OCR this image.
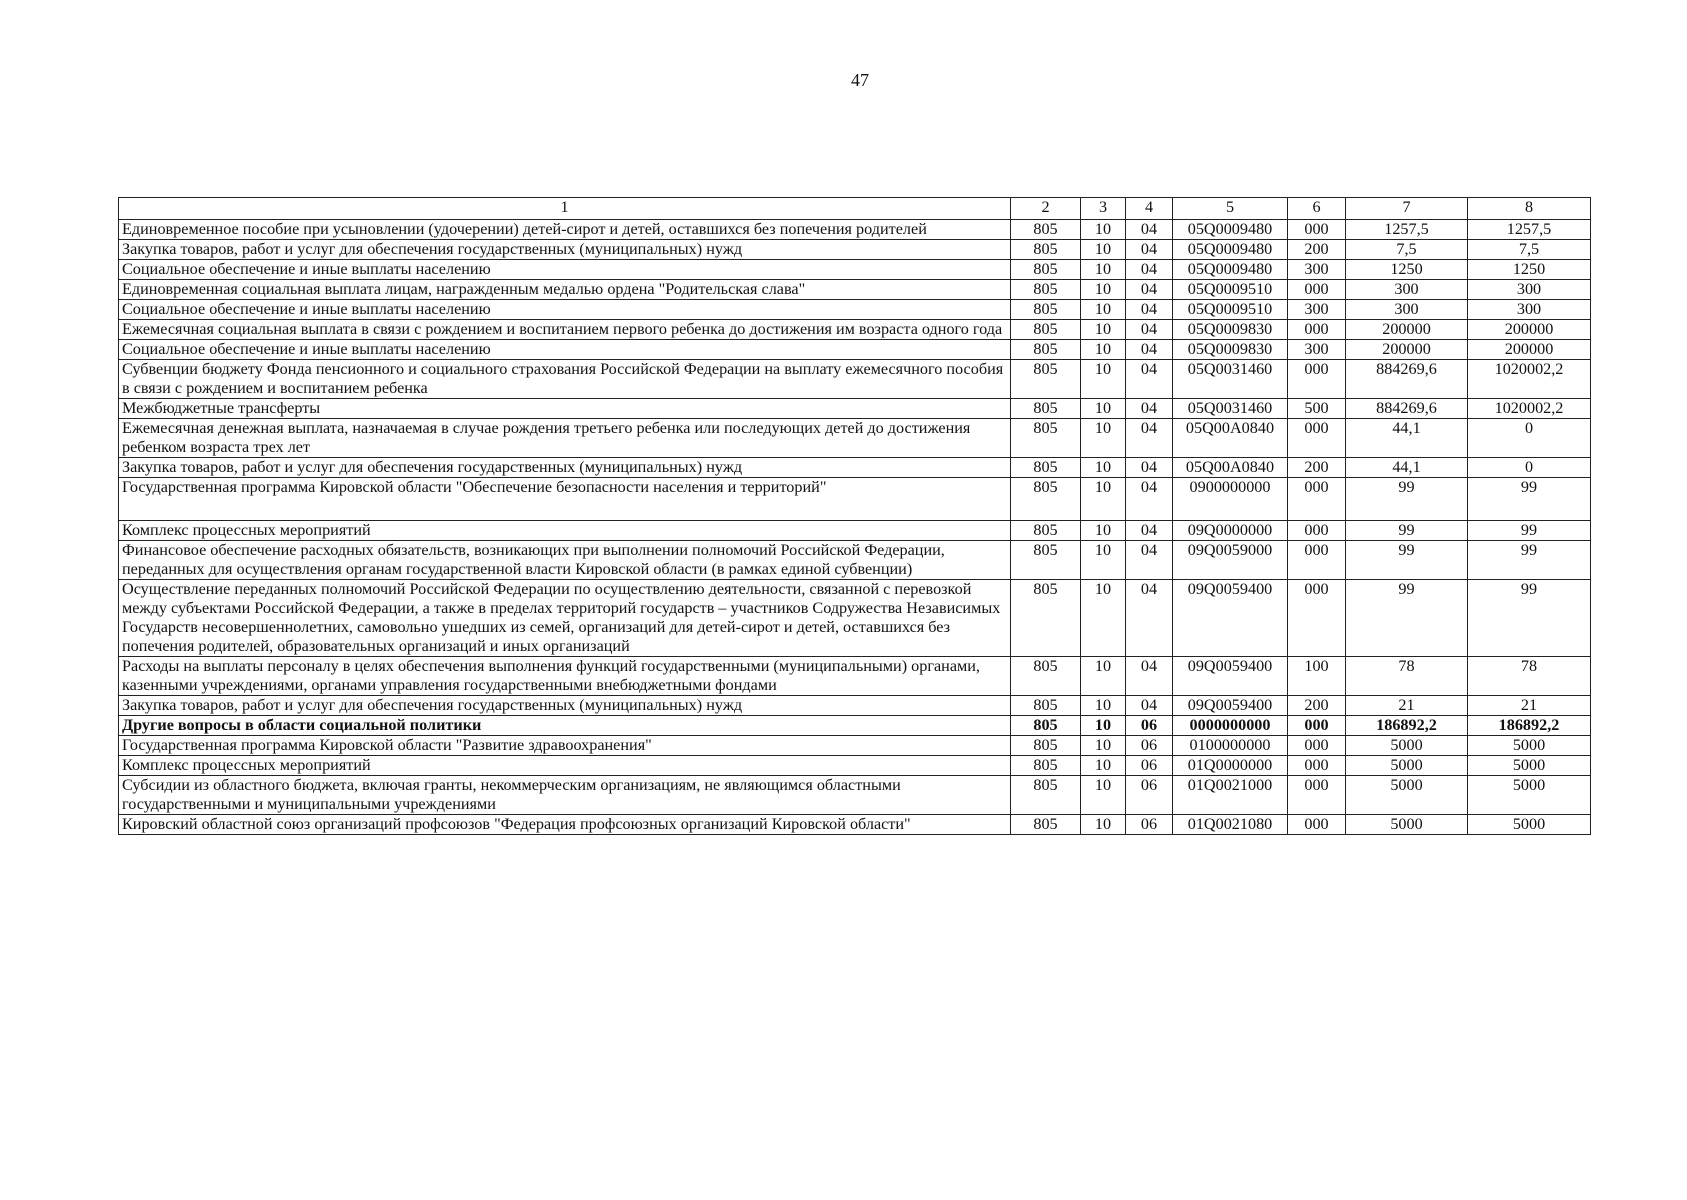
47
1	2	3	4	5	6	7	8
Единовременное пособие при усыновлении (удочерении) детей-сирот и детей, оставшихся без попечения родителей	805	10	04	05Q0009480	000	1257,5	1257,5
Закупка товаров, работ и услуг для обеспечения государственных (муниципальных) нужд	805	10	04	05Q0009480	200	7,5	7,5
Социальное обеспечение и иные выплаты населению	805	10	04	05Q0009480	300	1250	1250
Единовременная социальная выплата лицам, награжденным медалью ордена "Родительская слава"	805	10	04	05Q0009510	000	300	300
Социальное обеспечение и иные выплаты населению	805	10	04	05Q0009510	300	300	300
Ежемесячная социальная выплата в связи с рождением и воспитанием первого ребенка до достижения им возраста одного года	805	10	04	05Q0009830	000	200000	200000
Социальное обеспечение и иные выплаты населению	805	10	04	05Q0009830	300	200000	200000
Субвенции бюджету Фонда пенсионного и социального страхования Российской Федерации на выплату ежемесячного пособия в связи с рождением и воспитанием ребенка	805	10	04	05Q0031460	000	884269,6	1020002,2
Межбюджетные трансферты	805	10	04	05Q0031460	500	884269,6	1020002,2
Ежемесячная денежная выплата, назначаемая в случае рождения третьего ребенка или последующих детей до достижения ребенком возраста трех лет	805	10	04	05Q00A0840	000	44,1	0
Закупка товаров, работ и услуг для обеспечения государственных (муниципальных) нужд	805	10	04	05Q00A0840	200	44,1	0
Государственная программа Кировской области "Обеспечение безопасности населения и территорий"	805	10	04	0900000000	000	99	99
Комплекс процессных мероприятий	805	10	04	09Q0000000	000	99	99
Финансовое обеспечение расходных обязательств, возникающих при выполнении полномочий Российской Федерации, переданных для осуществления органам государственной власти Кировской области (в рамках единой субвенции)	805	10	04	09Q0059000	000	99	99
Осуществление переданных полномочий Российской Федерации по осуществлению деятельности, связанной с перевозкой между субъектами Российской Федерации, а также в пределах территорий государств – участников Содружества Независимых Государств несовершеннолетних, самовольно ушедших из семей, организаций для детей-сирот и детей, оставшихся без попечения родителей, образовательных организаций и иных организаций	805	10	04	09Q0059400	000	99	99
Расходы на выплаты персоналу в целях обеспечения выполнения функций государственными (муниципальными) органами, казенными учреждениями, органами управления государственными внебюджетными фондами	805	10	04	09Q0059400	100	78	78
Закупка товаров, работ и услуг для обеспечения государственных (муниципальных) нужд	805	10	04	09Q0059400	200	21	21
Другие вопросы в области социальной политики	805	10	06	0000000000	000	186892,2	186892,2
Государственная программа Кировской области "Развитие здравоохранения"	805	10	06	0100000000	000	5000	5000
Комплекс процессных мероприятий	805	10	06	01Q0000000	000	5000	5000
Субсидии из областного бюджета, включая гранты, некоммерческим организациям, не являющимся областными государственными и муниципальными учреждениями	805	10	06	01Q0021000	000	5000	5000
Кировский областной союз организаций профсоюзов "Федерация профсоюзных организаций Кировской области"	805	10	06	01Q0021080	000	5000	5000
